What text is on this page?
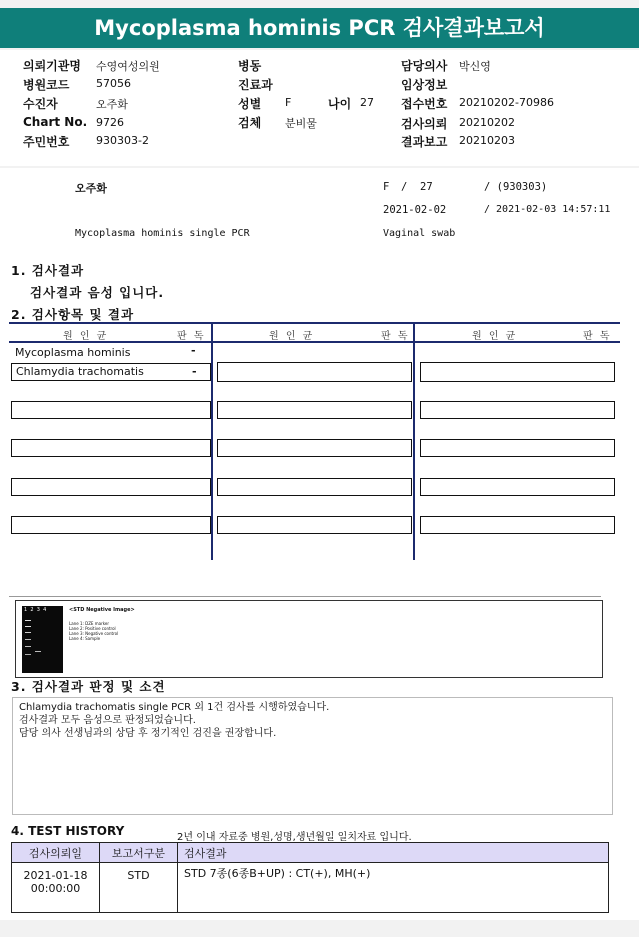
Mycoplasma hominis PCR 검사결과보고서
의뢰기관명 수영여성의원
병원코드 57056
수진자	오주화
Chart No. 9726
주민번호 930303-2
병동
진료과
성별 F	나이 27
검체 분비물
담당의사 박신영
임상정보
접수번호 20210202-70986
검사의뢰 20210202
결과보고 20210203
오주화	F / 27	/ (930303)
2021-02-02	/ 2021-02-03 14:57:11
Mycoplasma hominis single PCR	Vaginal swab
1. 검사결과
검사결과 음성 입니다.
2. 검사항목 및 결과
원 인 균	판 독	원 인 균	판 독	원 인 균	판 독
Mycoplasma hominis	-
Chlamydia trachomatis	-
1  2  3  4	<STD Negative Image>
Lane 1: DZE marker
Lane 2: Positive control
Lane 3: Negative control
Lane 4: Sample
3. 검사결과 판정 및 소견
Chlamydia trachomatis single PCR 외 1건 검사를 시행하였습니다.
검사결과 모두 음성으로 판정되었습니다.
담당 의사 선생님과의 상담 후 정기적인 검진을 권장합니다.
4. TEST HISTORY	2년 이내 자료중 병원,성명,생년월일 일치자료 입니다.
검사의뢰일	보고서구분	검사결과

2021-01-18
00:00:00	STD	STD 7종(6종B+UP) : CT(+), MH(+)
